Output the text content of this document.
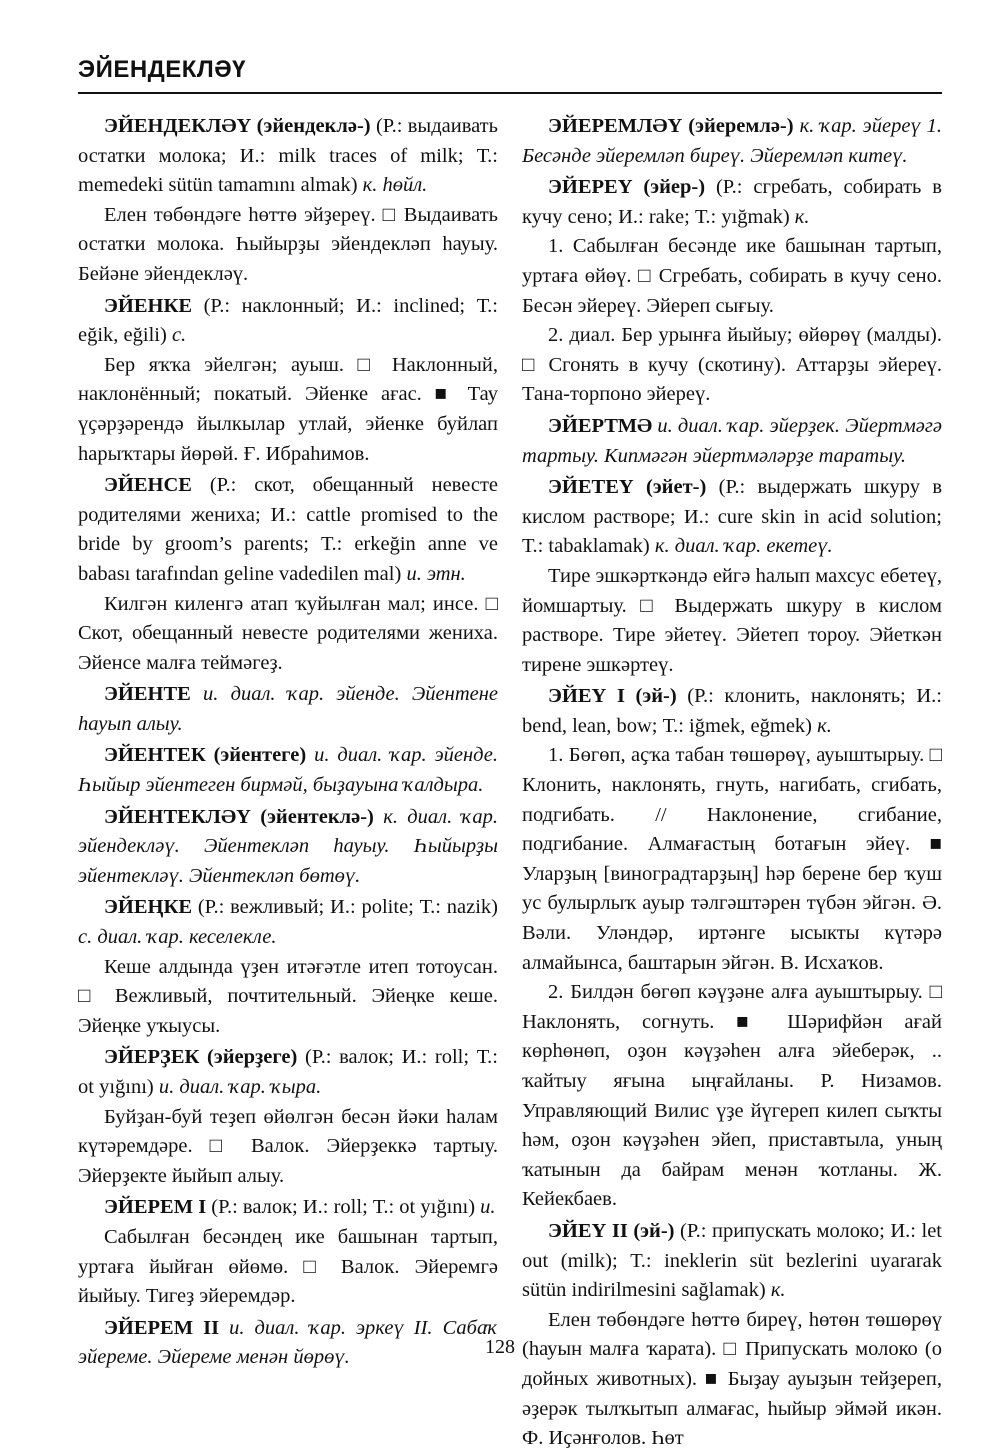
ЭЙЕНДЕКЛӘҮ

ЭЙЕНДЕКЛӘҮ (эйендеклә-) (Р.: выдаивать остатки молока; И.: milk traces of milk; Т.: memedeki sütün tamamını almak) к. һөйл.

Елен төбөндәге һөттө эйҙереү. □ Выдаивать остатки молока. Һыйырҙы эйендекләп һауыу. Бейәне эйендекләү.

ЭЙЕНКЕ (Р.: наклонный; И.: inclined; Т.: eğik, eğili) с.

Бер яҡҡа эйелгән; ауыш. □ Наклонный, наклонённый; покатый. Эйенке ағас. ■ Тау үҫәрҙәрендә йылкылар утлай, эйенке буйлап һарыҡтары йөрөй. Ғ. Ибраһимов.

ЭЙЕНСЕ (Р.: скот, обещанный невесте родителями жениха; И.: cattle promised to the bride by groom’s parents; Т.: erkeğin anne ve babası tarafından geline vadedilen mal) и. этн.

Килгән киленгә атап ҡуйылған мал; инсе. □ Скот, обещанный невесте родителями жениха. Эйенсе малға теймәгеҙ.

ЭЙЕНТЕ и. диал. ҡар. эйенде. Эйентене һауып алыу.

ЭЙЕНТЕК (эйентеге) и. диал. ҡар. эйенде. Һыйыр эйентеген бирмәй, быҙауына ҡалдыра.

ЭЙЕНТЕКЛӘҮ (эйентеклә-) к. диал. ҡар. эйендекләү. Эйентекләп һауыу. Һыйырҙы эйентекләү. Эйентекләп бөтөү.

ЭЙЕҢКЕ (Р.: вежливый; И.: polite; Т.: nazik) с. диал. ҡар. кеселекле.

Кеше алдында үҙен итәғәтле итеп тотоусан. □ Вежливый, почтительный. Эйеңке кеше. Эйеңке уҡыусы.

ЭЙЕРҘЕК (эйерҙеге) (Р.: валок; И.: roll; Т.: ot yığını) и. диал. ҡар. ҡыра.

Буйҙан-буй теҙеп өйөлгән бесән йәки һалам күтәремдәре. □ Валок. Эйерҙеккә тартыу. Эйерҙекте йыйып алыу.

ЭЙЕРЕМ I (Р.: валок; И.: roll; Т.: ot yığını) и.

Сабылған бесәндең ике башынан тартып, уртаға йыйған өйөмө. □ Валок. Эйеремгә йыйыу. Тигеҙ эйеремдәр.

ЭЙЕРЕМ II и. диал. ҡар. эркеү II. Сабаҡ эйереме. Эйереме менән йөрөү.

ЭЙЕРЕМЛӘҮ (эйеремлә-) к. ҡар. эйереү 1. Бесәнде эйеремләп биреү. Эйеремләп китеү.

ЭЙЕРЕҮ (эйер-) (Р.: сгребать, собирать в кучу сено; И.: rake; Т.: yığmak) к.

1. Сабылған бесәнде ике башынан тартып, уртаға өйөү. □ Сгребать, собирать в кучу сено. Бесән эйереү. Эйереп сығыу.

2. диал. Бер урынға йыйыу; өйөрөү (малды). □ Сгонять в кучу (скотину). Аттарҙы эйереү. Тана-торпоно эйереү.

ЭЙЕРТМӘ и. диал. ҡар. эйерҙек. Эйертмәгә тартыу. Кипмәгән эйертмәләрҙе таратыу.

ЭЙЕТЕҮ (эйет-) (Р.: выдержать шкуру в кислом растворе; И.: cure skin in acid solution; Т.: tabaklamak) к. диал. ҡар. екетеү.

Тире эшкәрткәндә ейгә һалып махсус ебетеү, йомшартыу. □ Выдержать шкуру в кислом растворе. Тире эйетеү. Эйетеп тороу. Эйеткән тирене эшкәртеү.

ЭЙЕҮ I (эй-) (Р.: клонить, наклонять; И.: bend, lean, bow; Т.: iğmek, eğmek) к.

1. Бөгөп, аҫҡа табан төшөрөү, ауыштырыу. □ Клонить, наклонять, гнуть, нагибать, сгибать, подгибать. // Наклонение, сгибание, подгибание. Алмағастың ботағын эйеү. ■ Уларҙың [виноградтарҙың] һәр берене бер ҡуш ус булырлыҡ ауыр тәлгәштәрен түбән эйгән. Ә. Вәли. Уләндәр, иртәнге ысыкты күтәрә алмайынса, баштарын эйгән. В. Исхаҡов.

2. Билдән бөгөп кәүҙәне алға ауыштырыу. □ Наклонять, согнуть. ■ Шәрифйән ағай көрһөнөп, оҙон кәүҙәһен алға эйеберәк, .. ҡайтыу яғына ыңғайланы. Р. Низамов. Управляющий Вилис үҙе йүгереп килеп сыҡты һәм, оҙон кәүҙәһен эйеп, приставтыла, уның ҡатынын да байрам менән ҡотланы. Ж. Кейекбаев.

ЭЙЕҮ II (эй-) (Р.: припускать молоко; И.: let out (milk); Т.: ineklerin süt bezlerini uyararak sütün indirilmesini sağlamak) к.

Елен төбөндәге һөттө биреү, һөтөн төшөрөү (һауын малға ҡарата). □ Припускать молоко (о дойных животных). ■ Быҙау ауыҙын тейҙереп, әҙерәк тылҡытып алмағас, һыйыр эймәй икән. Ф. Иҫәнғолов. Һөт

128
